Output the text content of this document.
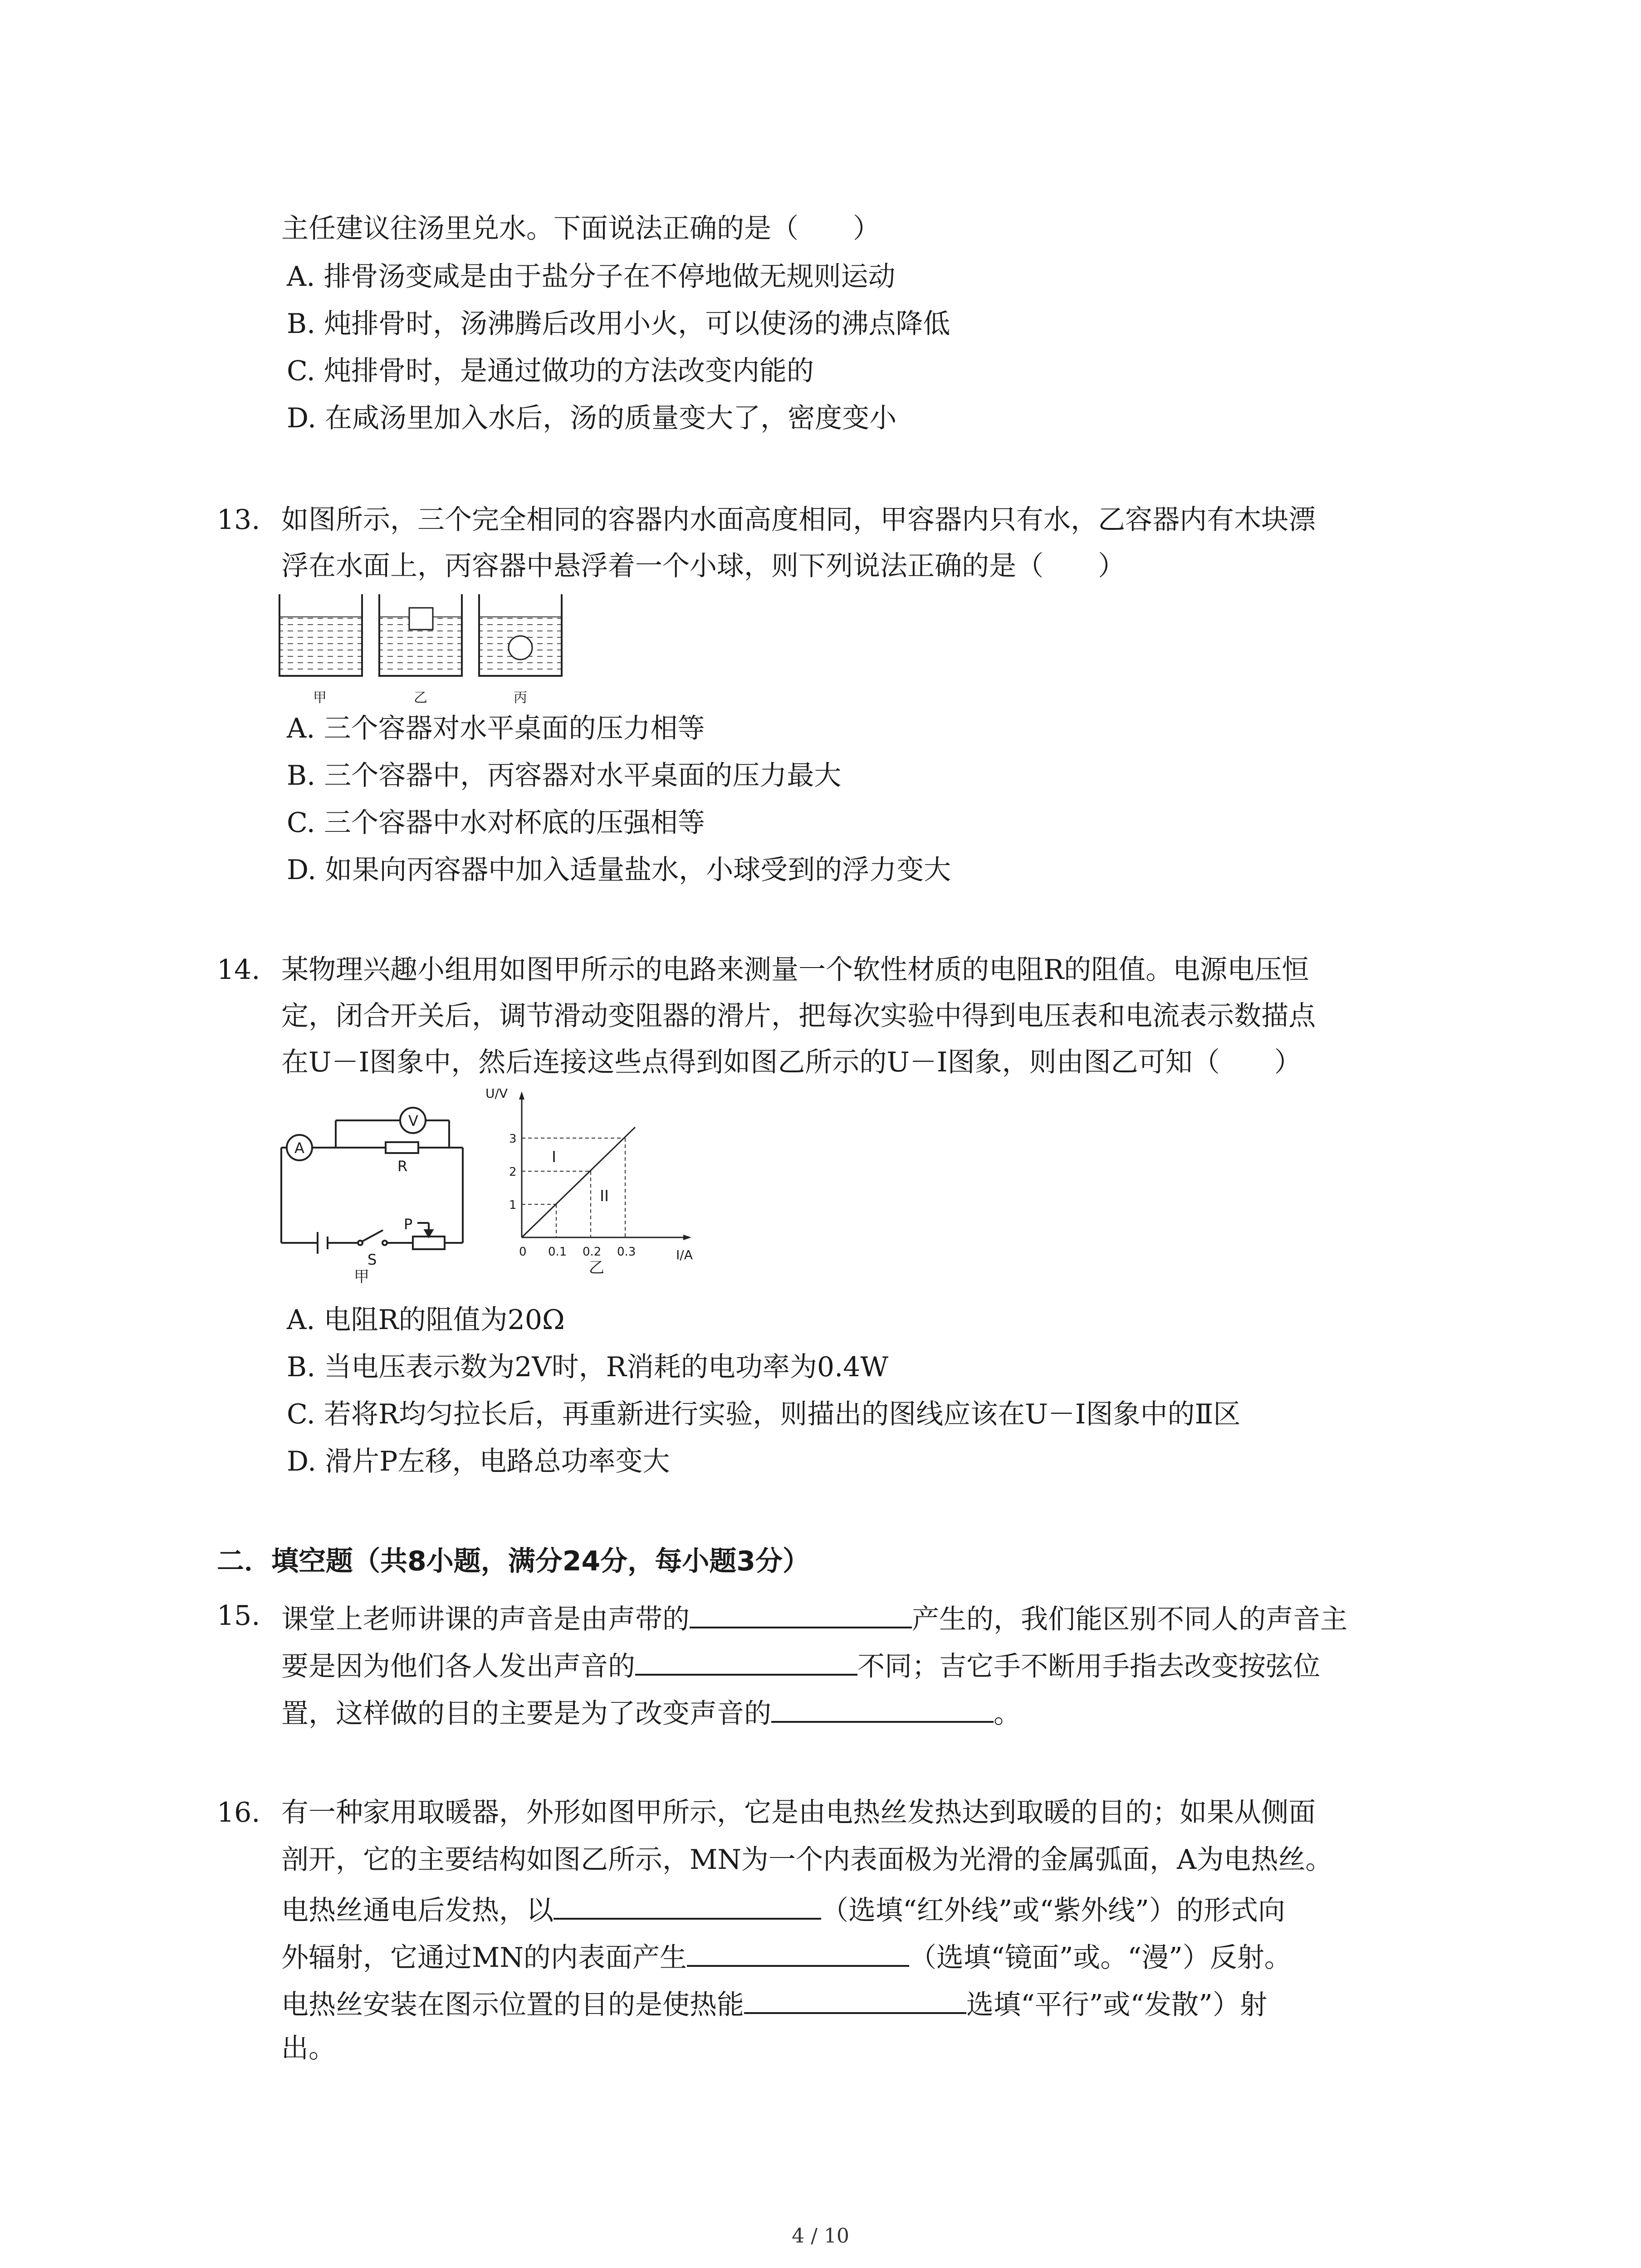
主任建议往汤里兑水。下面说法正确的是（　　）
A. 排骨汤变咸是由于盐分子在不停地做无规则运动
B. 炖排骨时，汤沸腾后改用小火，可以使汤的沸点降低
C. 炖排骨时，是通过做功的方法改变内能的
D. 在咸汤里加入水后，汤的质量变大了，密度变小
13. 如图所示，三个完全相同的容器内水面高度相同，甲容器内只有水，乙容器内有木块漂
浮在水面上，丙容器中悬浮着一个小球，则下列说法正确的是（　　）
甲	乙	丙
A. 三个容器对水平桌面的压力相等
B. 三个容器中，丙容器对水平桌面的压力最大
C. 三个容器中水对杯底的压强相等
D. 如果向丙容器中加入适量盐水，小球受到的浮力变大
14. 某物理兴趣小组用如图甲所示的电路来测量一个软性材质的电阻R的阻值。电源电压恒
定，闭合开关后，调节滑动变阻器的滑片，把每次实验中得到电压表和电流表示数描点
在U－I图象中，然后连接这些点得到如图乙所示的U－I图象，则由图乙可知（　　）
A
V
R
S
P
甲
U/V
I/A
0 0.1 0.2 0.3
1
2
3
I
II
乙
A. 电阻R的阻值为20Ω
B. 当电压表示数为2V时，R消耗的电功率为0.4W
C. 若将R均匀拉长后，再重新进行实验，则描出的图线应该在U－I图象中的Ⅱ区
D. 滑片P左移，电路总功率变大
二．填空题（共8小题，满分24分，每小题3分）
15. 课堂上老师讲课的声音是由声带的	产生的，我们能区别不同人的声音主
要是因为他们各人发出声音的	不同；吉它手不断用手指去改变按弦位
置，这样做的目的主要是为了改变声音的	。
16. 有一种家用取暖器，外形如图甲所示，它是由电热丝发热达到取暖的目的；如果从侧面
剖开，它的主要结构如图乙所示，MN为一个内表面极为光滑的金属弧面，A为电热丝。
电热丝通电后发热，以	（选填“红外线”或“紫外线”）的形式向
外辐射，它通过MN的内表面产生	（选填“镜面”或。“漫”）反射。
电热丝安装在图示位置的目的是使热能	选填“平行”或“发散”）射
出。
4 / 10
